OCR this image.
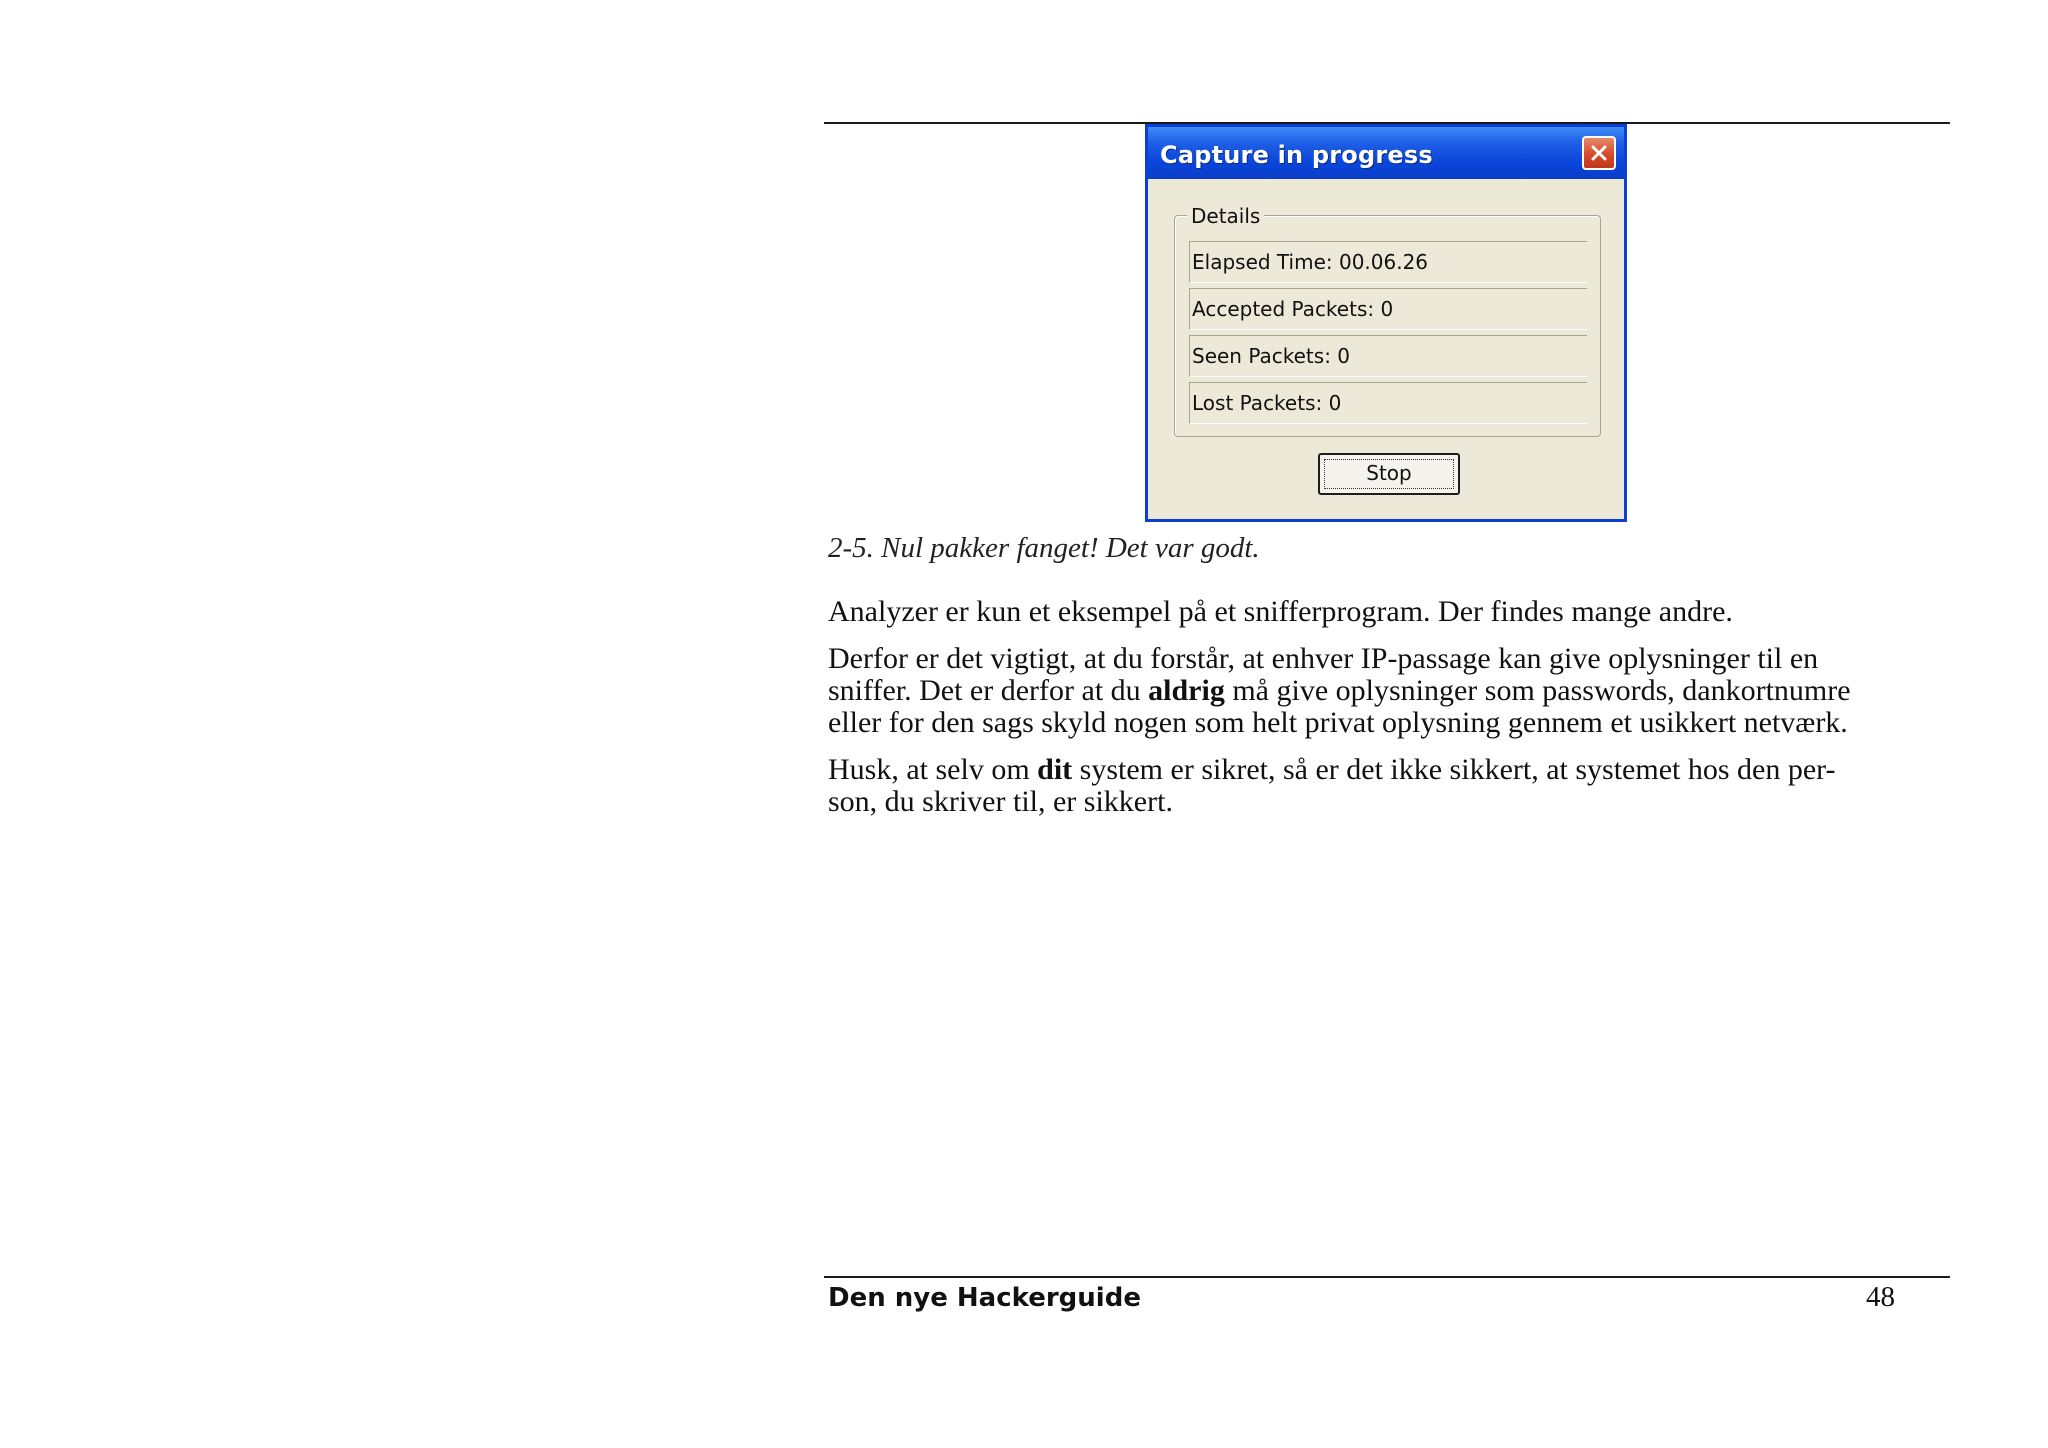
Capture in progress
Details
Elapsed Time: 00.06.26
Accepted Packets: 0
Seen Packets: 0
Lost Packets: 0
Stop
2-5. Nul pakker fanget! Det var godt.
Analyzer er kun et eksempel på et snifferprogram. Der findes mange andre.
Derfor er det vigtigt, at du forstår, at enhver IP-passage kan give oplysninger til en
sniffer. Det er derfor at du aldrig må give oplysninger som passwords, dankortnumre
eller for den sags skyld nogen som helt privat oplysning gennem et usikkert netværk.
Husk, at selv om dit system er sikret, så er det ikke sikkert, at systemet hos den per-
son, du skriver til, er sikkert.
Den nye Hackerguide	48
